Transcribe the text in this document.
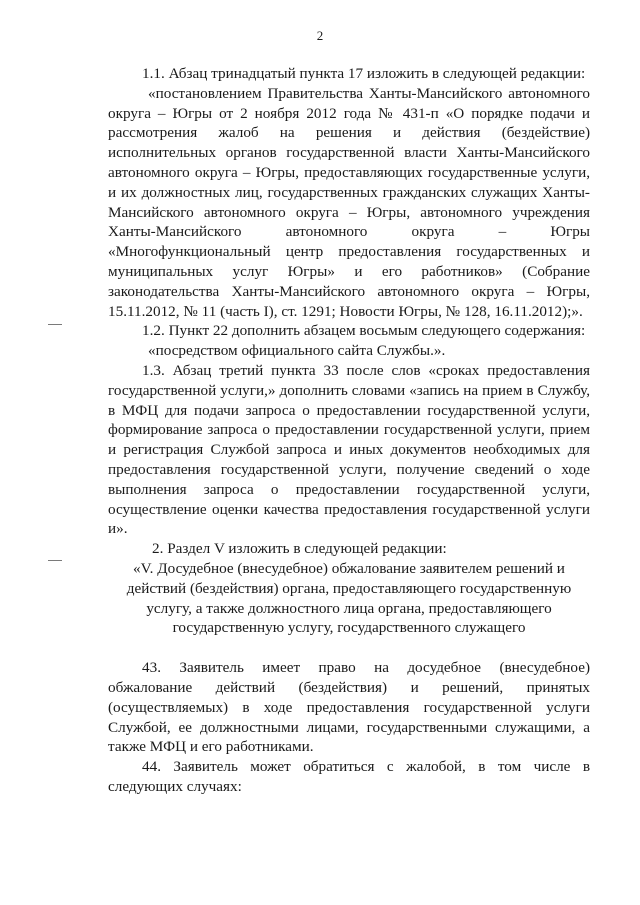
2

1.1. Абзац тринадцатый пункта 17 изложить в следующей редакции:

«постановлением Правительства Ханты-Мансийского автономного округа – Югры от 2 ноября 2012 года № 431-п «О порядке подачи и рассмотрения жалоб на решения и действия (бездействие) исполнительных органов государственной власти Ханты-Мансийского автономного округа – Югры, предоставляющих государственные услуги, и их должностных лиц, государственных гражданских служащих Ханты-Мансийского автономного округа – Югры, автономного учреждения Ханты-Мансийского автономного округа – Югры «Многофункциональный центр предоставления государственных и муниципальных услуг Югры» и его работников» (Собрание законодательства Ханты-Мансийского автономного округа – Югры, 15.11.2012, № 11 (часть I), ст. 1291; Новости Югры, № 128, 16.11.2012);».

1.2. Пункт 22 дополнить абзацем восьмым следующего содержания:

«посредством официального сайта Службы.».

1.3. Абзац третий пункта 33 после слов «сроках предоставления государственной услуги,» дополнить словами «запись на прием в Службу, в МФЦ для подачи запроса о предоставлении государственной услуги, формирование запроса о предоставлении государственной услуги, прием и регистрация Службой запроса и иных документов необходимых для предоставления государственной услуги, получение сведений о ходе выполнения запроса о предоставлении государственной услуги, осуществление оценки качества предоставления государственной услуги и».

2. Раздел V изложить в следующей редакции:

«V. Досудебное (внесудебное) обжалование заявителем решений и действий (бездействия) органа, предоставляющего государственную услугу, а также должностного лица органа, предоставляющего государственную услугу, государственного служащего

43. Заявитель имеет право на досудебное (внесудебное) обжалование действий (бездействия) и решений, принятых (осуществляемых) в ходе предоставления государственной услуги Службой, ее должностными лицами, государственными служащими, а также МФЦ и его работниками.

44. Заявитель может обратиться с жалобой, в том числе в следующих случаях:
